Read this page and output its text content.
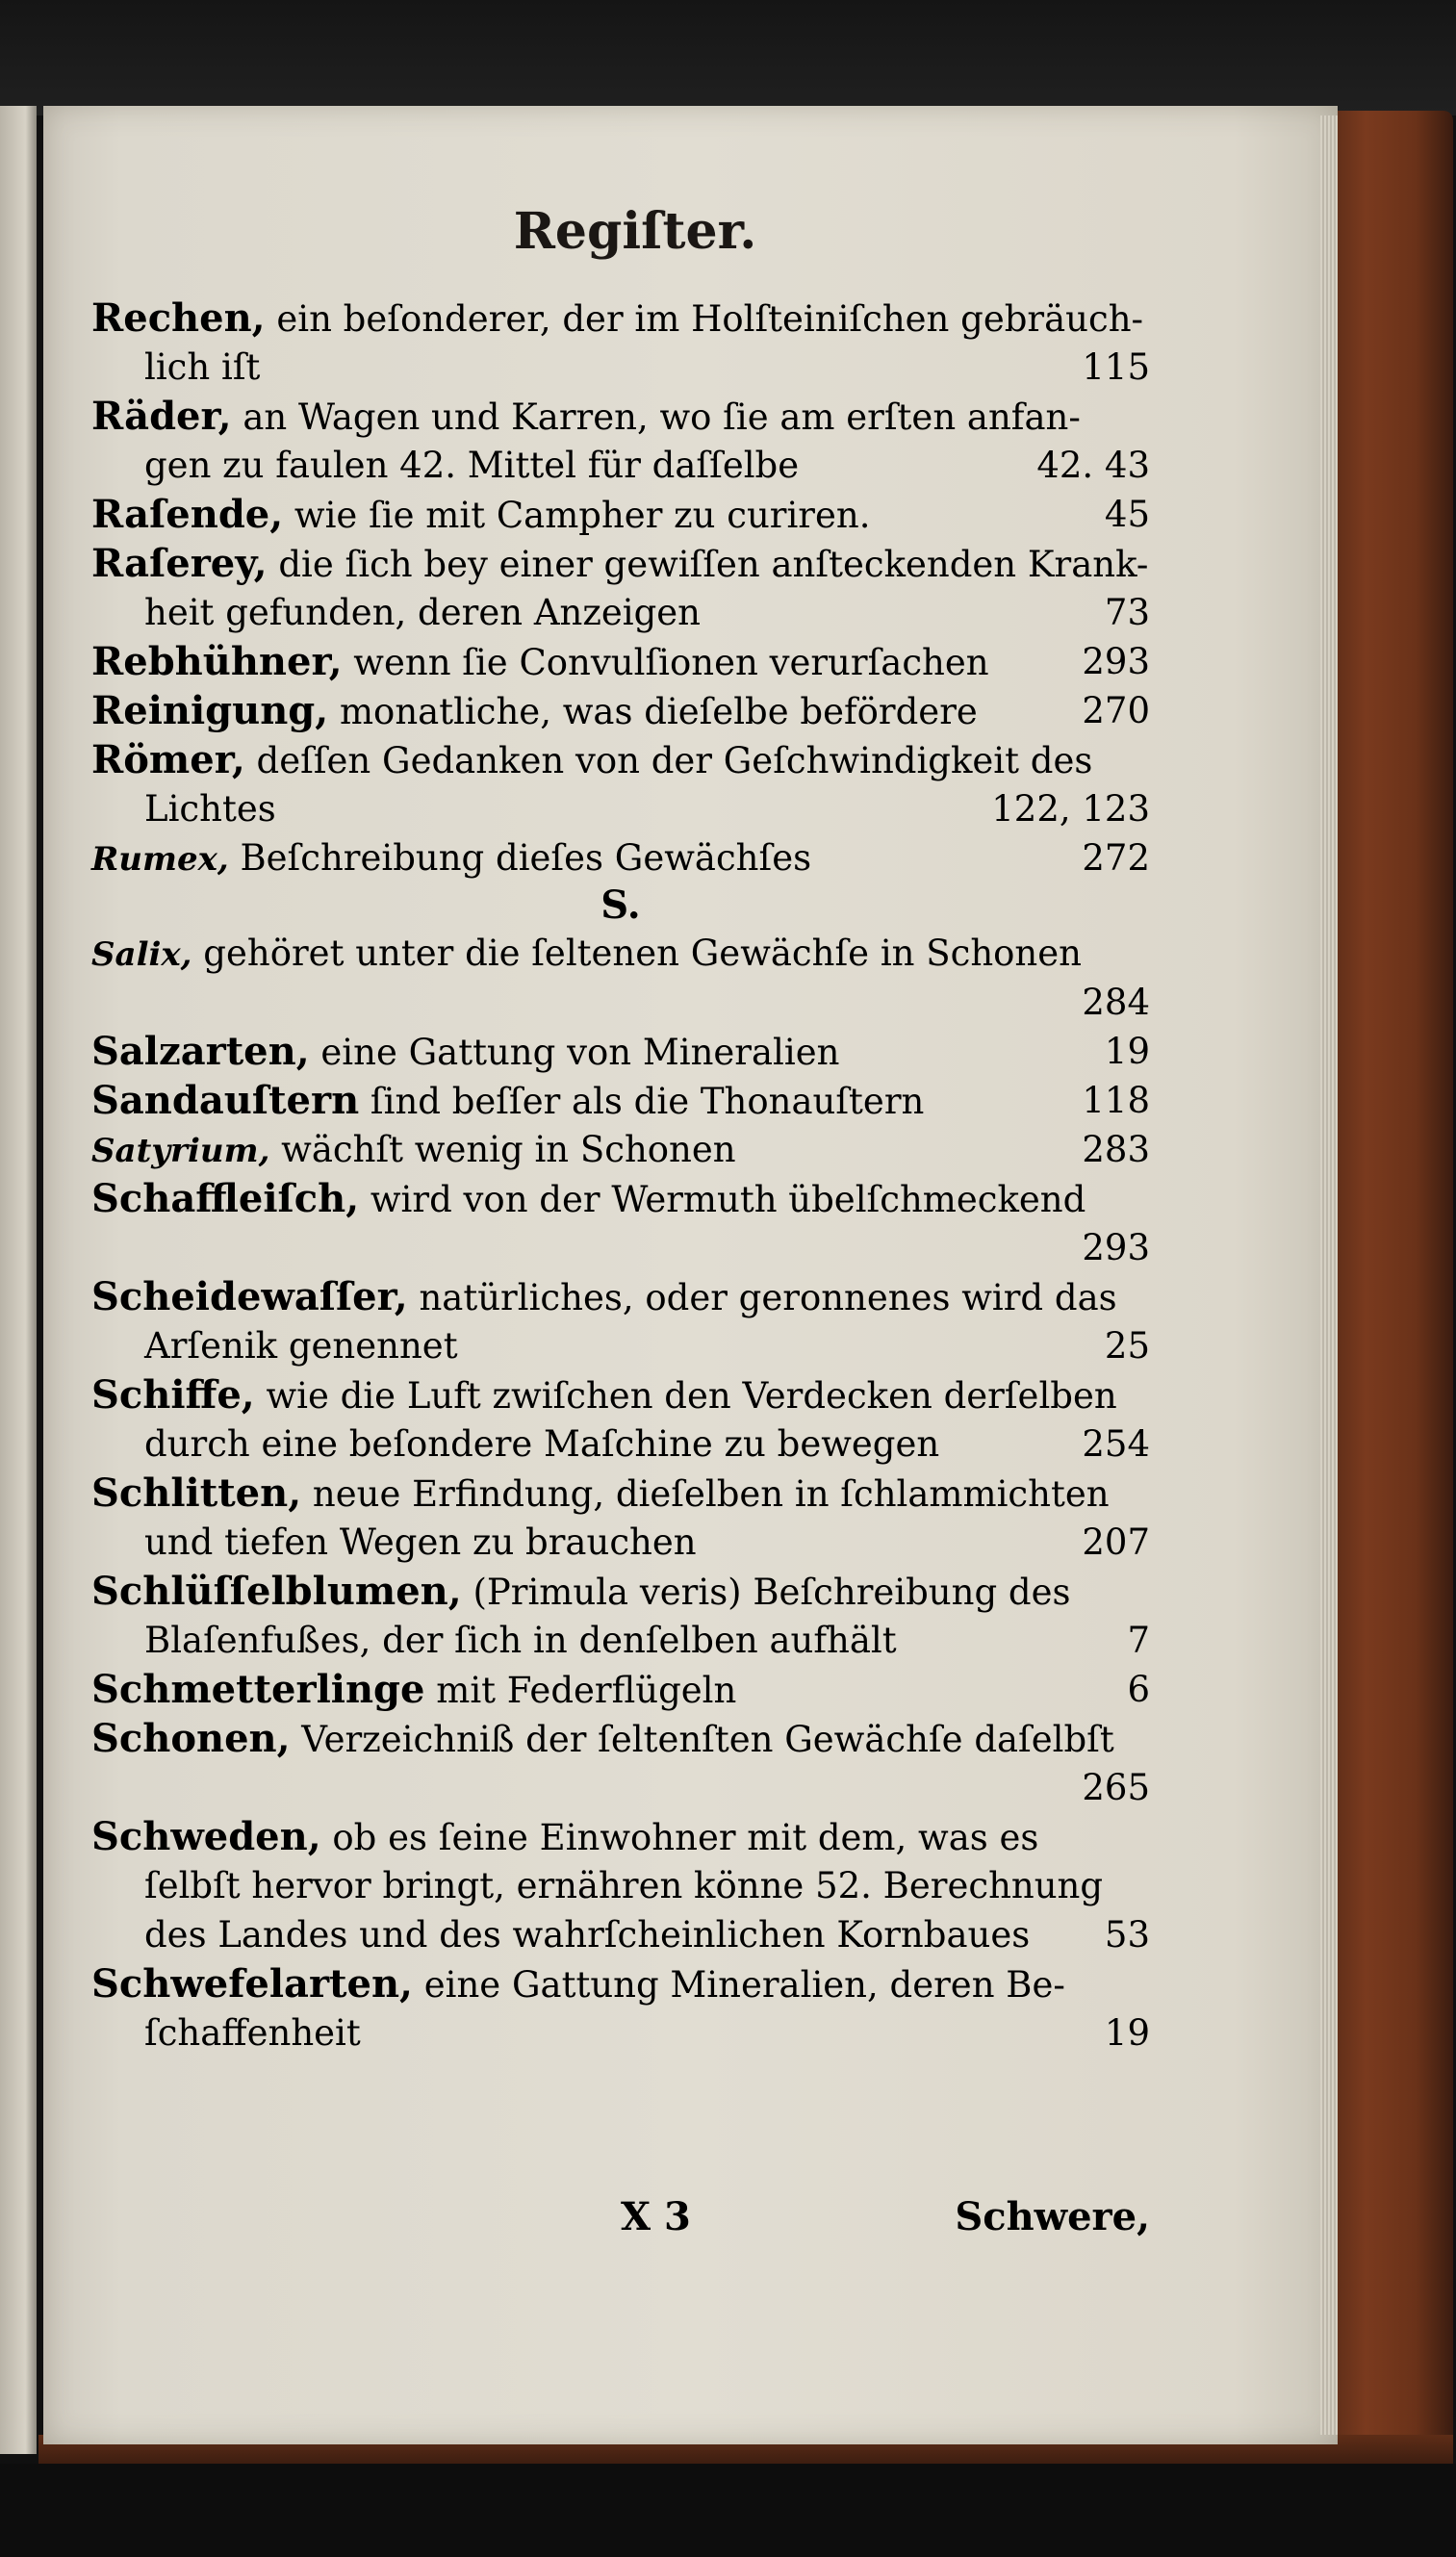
Regiſter.
Rechen, ein beſonderer, der im Holſteiniſchen gebräuch-
lich iſt	115
Räder, an Wagen und Karren, wo ſie am erſten anfan-
gen zu faulen 42. Mittel für daſſelbe	42. 43
Raſende, wie ſie mit Campher zu curiren.	45
Raſerey, die ſich bey einer gewiſſen anſteckenden Krank-
heit gefunden, deren Anzeigen	73
Rebhühner, wenn ſie Convulſionen verurſachen	293
Reinigung, monatliche, was dieſelbe befördere	270
Römer, deſſen Gedanken von der Geſchwindigkeit des
Lichtes	122, 123
Rumex, Beſchreibung dieſes Gewächſes	272
S.
Salix, gehöret unter die ſeltenen Gewächſe in Schonen
284
Salzarten, eine Gattung von Mineralien	19
Sandauſtern ſind beſſer als die Thonauſtern	118
Satyrium, wächſt wenig in Schonen	283
Schaffleiſch, wird von der Wermuth übelſchmeckend
293
Scheidewaſſer, natürliches, oder geronnenes wird das
Arſenik genennet	25
Schiffe, wie die Luft zwiſchen den Verdecken derſelben
durch eine beſondere Maſchine zu bewegen	254
Schlitten, neue Erfindung, dieſelben in ſchlammichten
und tiefen Wegen zu brauchen	207
Schlüſſelblumen, (Primula veris) Beſchreibung des
Blaſenfußes, der ſich in denſelben aufhält	7
Schmetterlinge mit Federflügeln	6
Schonen, Verzeichniß der ſeltenſten Gewächſe daſelbſt
265
Schweden, ob es ſeine Einwohner mit dem, was es
ſelbſt hervor bringt, ernähren könne 52. Berechnung
des Landes und des wahrſcheinlichen Kornbaues 53
Schwefelarten, eine Gattung Mineralien, deren Be-
ſchaffenheit	19
X 3	Schwere,
